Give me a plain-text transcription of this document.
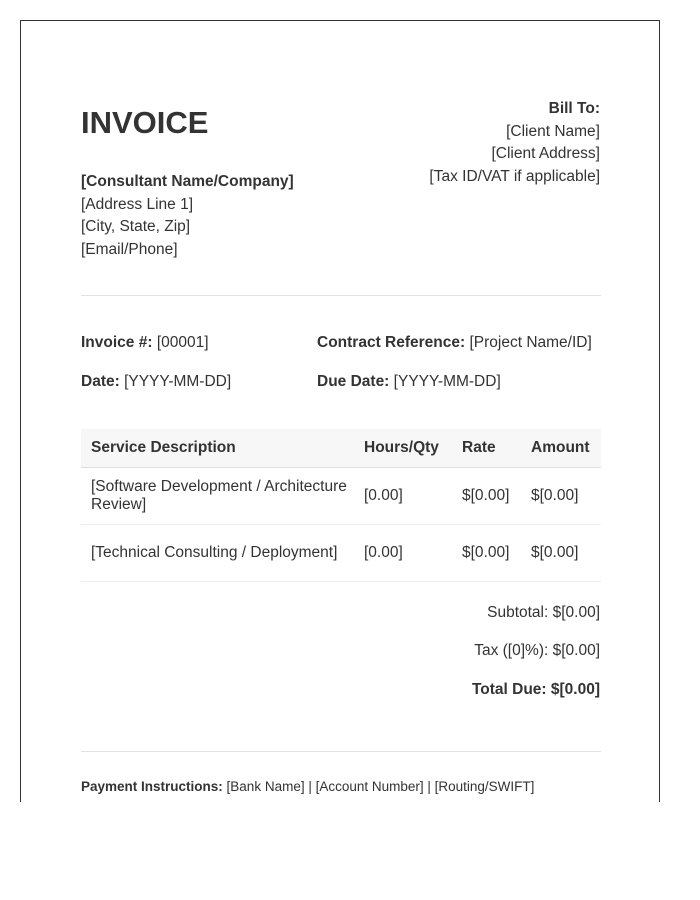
INVOICE
[Consultant Name/Company]
[Address Line 1]
[City, State, Zip]
[Email/Phone]
Bill To:
[Client Name]
[Client Address]
[Tax ID/VAT if applicable]
Invoice #: [00001]	Contract Reference: [Project Name/ID]
Date: [YYYY-MM-DD]	Due Date: [YYYY-MM-DD]
Service Description	Hours/Qty	Rate	Amount
[Software Development / Architecture Review]	[0.00]	$[0.00]	$[0.00]
[Technical Consulting / Deployment]	[0.00]	$[0.00]	$[0.00]
Subtotal: $[0.00]
Tax ([0]%): $[0.00]
Total Due: $[0.00]
Payment Instructions: [Bank Name] | [Account Number] | [Routing/SWIFT]
